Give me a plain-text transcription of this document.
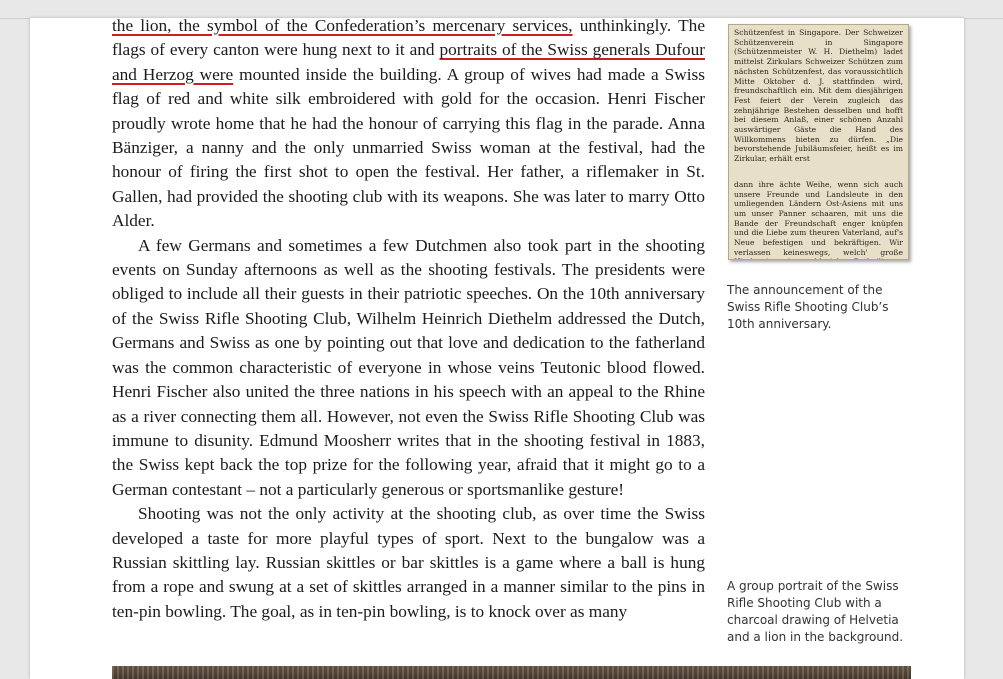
the lion, the symbol of the Confederation’s mercenary services, unthinkingly. The flags of every canton were hung next to it and portraits of the Swiss generals Dufour and Herzog were mounted inside the building. A group of wives had made a Swiss flag of red and white silk embroidered with gold for the occasion. Henri Fischer proudly wrote home that he had the honour of carrying this flag in the parade. Anna Bänziger, a nanny and the only unmarried Swiss woman at the festival, had the honour of firing the first shot to open the festival. Her father, a riflemaker in St. Gallen, had provided the shooting club with its weapons. She was later to marry Otto Alder.

A few Germans and sometimes a few Dutchmen also took part in the shooting events on Sunday afternoons as well as the shooting festivals. The presidents were obliged to include all their guests in their patriotic speeches. On the 10th anniversary of the Swiss Rifle Shooting Club, Wilhelm Heinrich Diethelm addressed the Dutch, Germans and Swiss as one by pointing out that love and dedication to the fatherland was the common characteristic of everyone in whose veins Teutonic blood flowed. Henri Fischer also united the three nations in his speech with an appeal to the Rhine as a river connecting them all. However, not even the Swiss Rifle Shooting Club was immune to disunity. Edmund Moosherr writes that in the shooting festival in 1883, the Swiss kept back the top prize for the following year, afraid that it might go to a German contestant – not a particularly generous or sportsmanlike gesture!

Shooting was not the only activity at the shooting club, as over time the Swiss developed a taste for more playful types of sport. Next to the bungalow was a Russian skittling lay. Russian skittles or bar skittles is a game where a ball is hung from a rope and swung at a set of skittles arranged in a manner similar to the pins in ten-pin bowling. The goal, as in ten-pin bowling, is to knock over as many

Schützenfest in Singapore. Der Schweizer Schützenverein in Singapore (Schützenmeister W. H. Diethelm) ladet mittelst Zirkulars Schweizer Schützen zum nächsten Schützenfest, das voraussichtlich Mitte Oktober d. J. stattfinden wird, freundschaftlich ein. Mit dem diesjährigen Fest feiert der Verein zugleich das zehnjährige Bestehen desselben und hofft bei diesem Anlaß, einer schönen Anzahl auswärtiger Gäste die Hand des Willkommens bieten zu dürfen. „Die bevorstehende Jubiläumsfeier, heißt es im Zirkular, erhält erst
dann ihre ächte Weihe, wenn sich auch unsere Freunde und Landsleute in den umliegenden Ländern Ost-Asiens mit uns um unser Panner schaaren, mit uns die Bande der Freundschaft enger knüpfen und die Liebe zum theuren Vaterland, auf's Neue befestigen und bekräftigen. Wir verlassen keineswegs, welch' große
The announcement of the Swiss Rifle Shooting Club’s 10th anniversary.
A group portrait of the Swiss Rifle Shooting Club with a charcoal drawing of Helvetia and a lion in the background.
